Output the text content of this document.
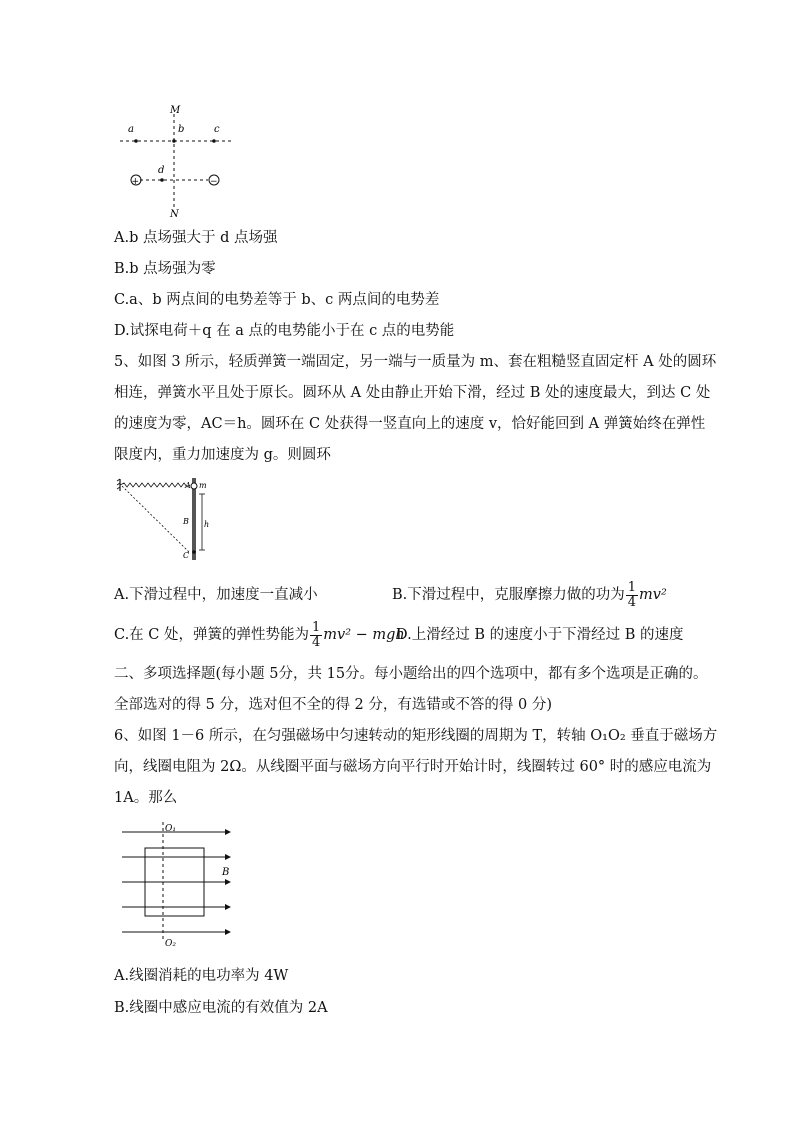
+	−
M
N
a	b	c
d
A.b 点场强大于 d 点场强
B.b 点场强为零
C.a、b 两点间的电势差等于 b、c 两点间的电势差
D.试探电荷＋q 在 a 点的电势能小于在 c 点的电势能
5、如图 3 所示，轻质弹簧一端固定，另一端与一质量为 m、套在粗糙竖直固定杆 A 处的圆环
相连，弹簧水平且处于原长。圆环从 A 处由静止开始下滑，经过 B 处的速度最大，到达 C 处
的速度为零，AC＝h。圆环在 C 处获得一竖直向上的速度 v，恰好能回到 A 弹簧始终在弹性
限度内，重力加速度为 g。则圆环
A m
B h
C
A.下滑过程中，加速度一直减小	B.下滑过程中，克服摩擦力做的功为 $\frac{1}{4} mv^2$
C.在 C 处，弹簧的弹性势能为 $\frac{1}{4} mv^2$ − mgh
D.上滑经过 B 的速度小于下滑经过 B 的速度
二、多项选择题(每小题 5分，共 15分。每小题给出的四个选项中，都有多个选项是正确的。
全部选对的得 5 分，选对但不全的得 2 分，有选错或不答的得 0 分)
6、如图 1－6 所示，在匀强磁场中匀速转动的矩形线圈的周期为 T，转轴 O₁O₂ 垂直于磁场方
向，线圈电阻为 2Ω。从线圈平面与磁场方向平行时开始计时，线圈转过 60° 时的感应电流为
1A。那么
O₁
O₂
B
A.线圈消耗的电功率为 4W
B.线圈中感应电流的有效值为 2A
